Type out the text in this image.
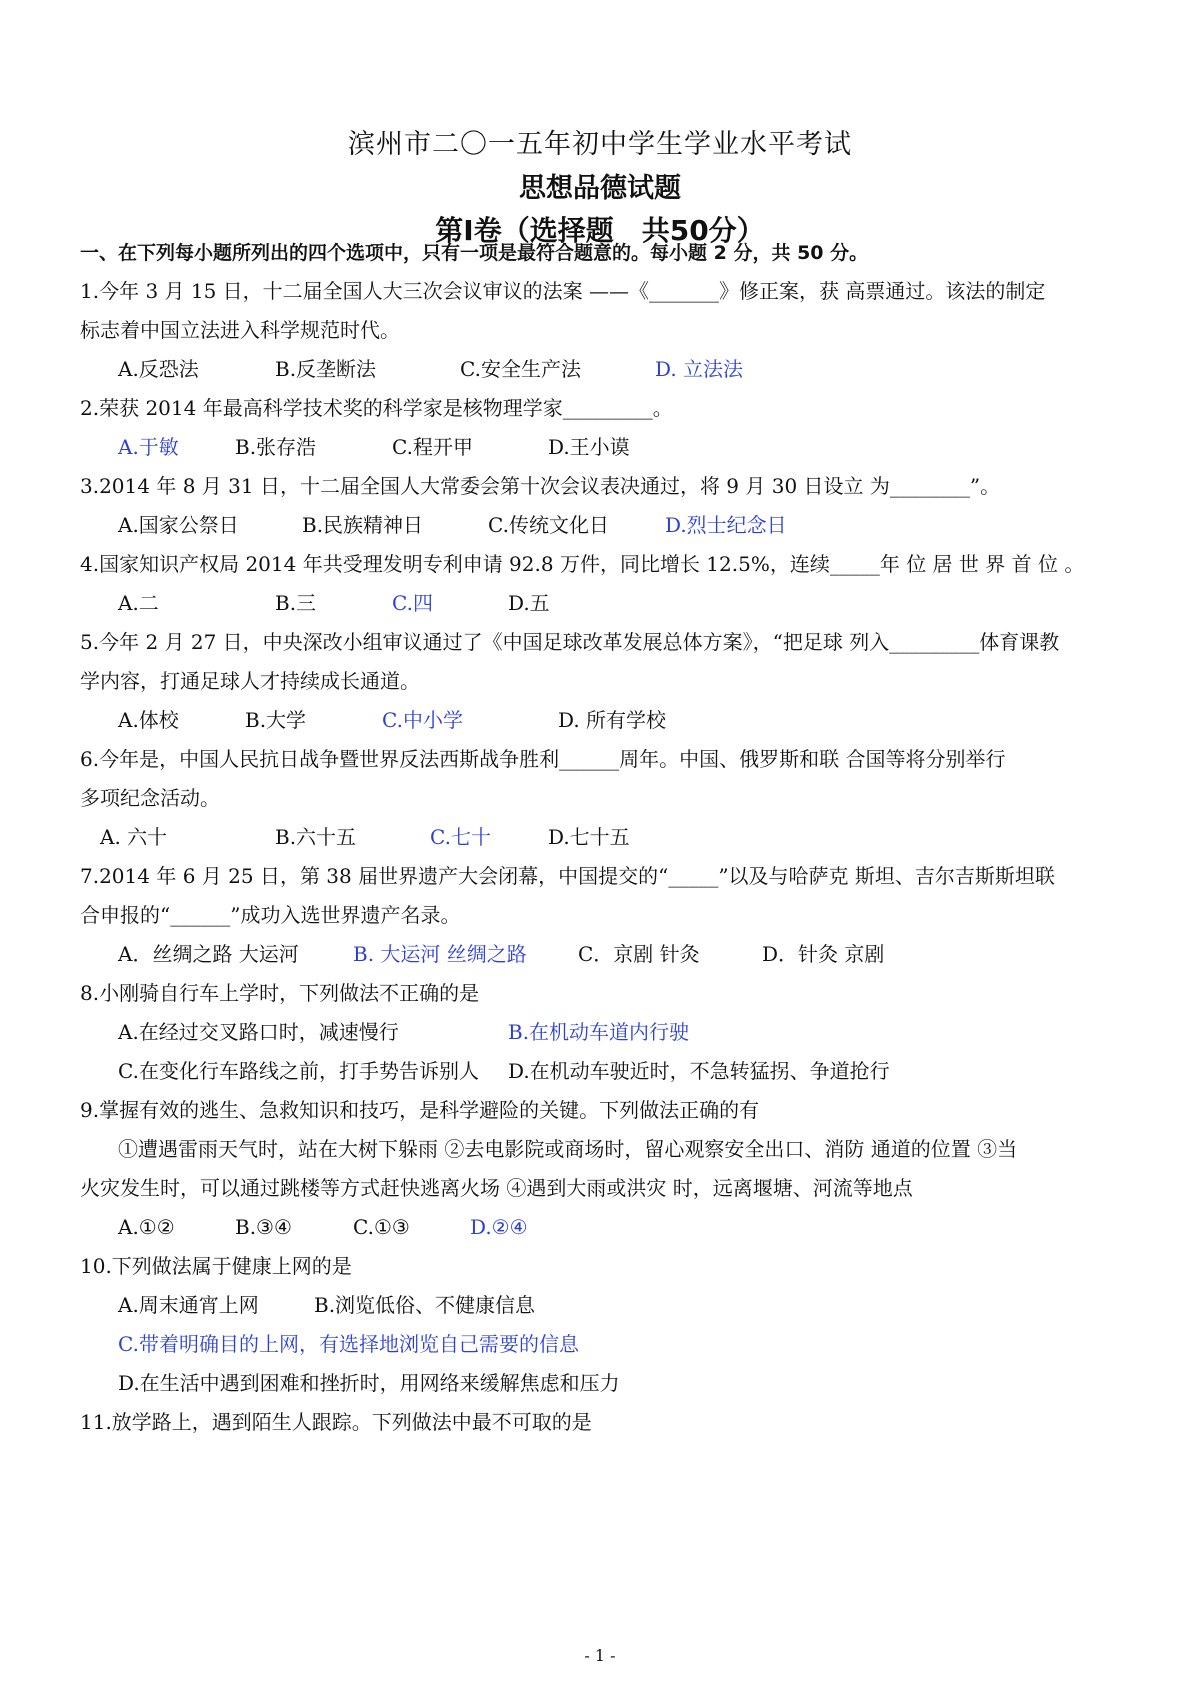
滨州市二〇一五年初中学生学业水平考试
思想品德试题
第Ⅰ卷（选择题　共50分）
一、在下列每小题所列出的四个选项中，只有一项是最符合题意的。每小题 2 分，共 50 分。
1.今年 3 月 15 日，十二届全国人大三次会议审议的法案 ——《_______》修正案，获 高票通过。该法的制定
标志着中国立法进入科学规范时代。
A.反恐法	B.反垄断法	C.安全生产法	D. 立法法
2.荣获 2014 年最高科学技术奖的科学家是核物理学家_________。
A.于敏	B.张存浩	C.程开甲	D.王小谟
3.2014 年 8 月 31 日，十二届全国人大常委会第十次会议表决通过，将 9 月 30 日设立 为________”。
A.国家公祭日	B.民族精神日	C.传统文化日	D.烈士纪念日
4.国家知识产权局 2014 年共受理发明专利申请 92.8 万件，同比增长 12.5%，连续_____年 位 居 世 界 首 位 。
A.二	B.三	C.四	D.五
5.今年 2 月 27 日，中央深改小组审议通过了《中国足球改革发展总体方案》，“把足球 列入_________体育课教
学内容，打通足球人才持续成长通道。
A.体校	B.大学	C.中小学	D. 所有学校
6.今年是，中国人民抗日战争暨世界反法西斯战争胜利______周年。中国、俄罗斯和联 合国等将分别举行
多项纪念活动。
A. 六十	B.六十五	C.七十	D.七十五
7.2014 年 6 月 25 日，第 38 届世界遗产大会闭幕，中国提交的“_____”以及与哈萨克 斯坦、吉尔吉斯斯坦联
合申报的“______”成功入选世界遗产名录。
A．丝绸之路 大运河	B. 大运河 丝绸之路	C．京剧 针灸	D．针灸 京剧
8.小刚骑自行车上学时，下列做法不正确的是
A.在经过交叉路口时，减速慢行	B.在机动车道内行驶
C.在变化行车路线之前，打手势告诉别人 D.在机动车驶近时，不急转猛拐、争道抢行
9.掌握有效的逃生、急救知识和技巧，是科学避险的关键。下列做法正确的有
①遭遇雷雨天气时，站在大树下躲雨 ②去电影院或商场时，留心观察安全出口、消防 通道的位置 ③当
火灾发生时，可以通过跳楼等方式赶快逃离火场 ④遇到大雨或洪灾 时，远离堰塘、河流等地点
A.①②	B.③④	C.①③	D.②④
10.下列做法属于健康上网的是
A.周末通宵上网	B.浏览低俗、不健康信息
C.带着明确目的上网，有选择地浏览自己需要的信息
D.在生活中遇到困难和挫折时，用网络来缓解焦虑和压力
11.放学路上，遇到陌生人跟踪。下列做法中最不可取的是
- 1 -
